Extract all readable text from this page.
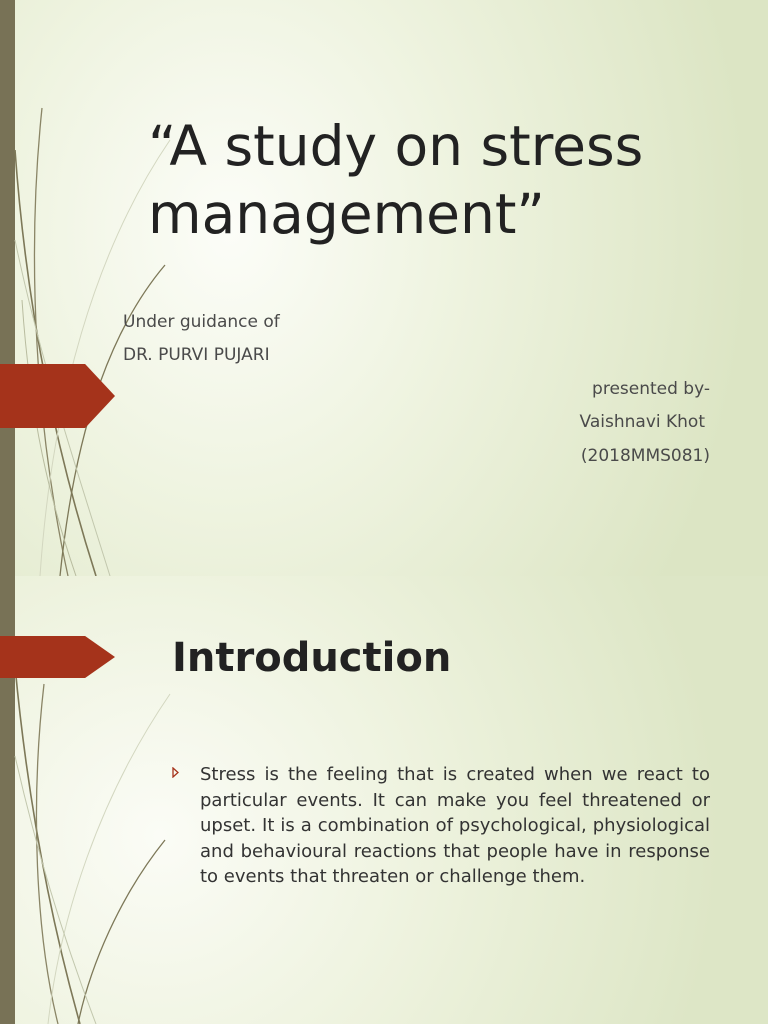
“A study on stress management”
Under guidance of
DR. PURVI PUJARI
presented by-
Vaishnavi Khot
(2018MMS081)
Introduction
Stress is the feeling that is created when we react to particular events. It can make you feel threatened or upset. It is a combination of psychological, physiological and behavioural reactions that people have in response to events that threaten or challenge them.
